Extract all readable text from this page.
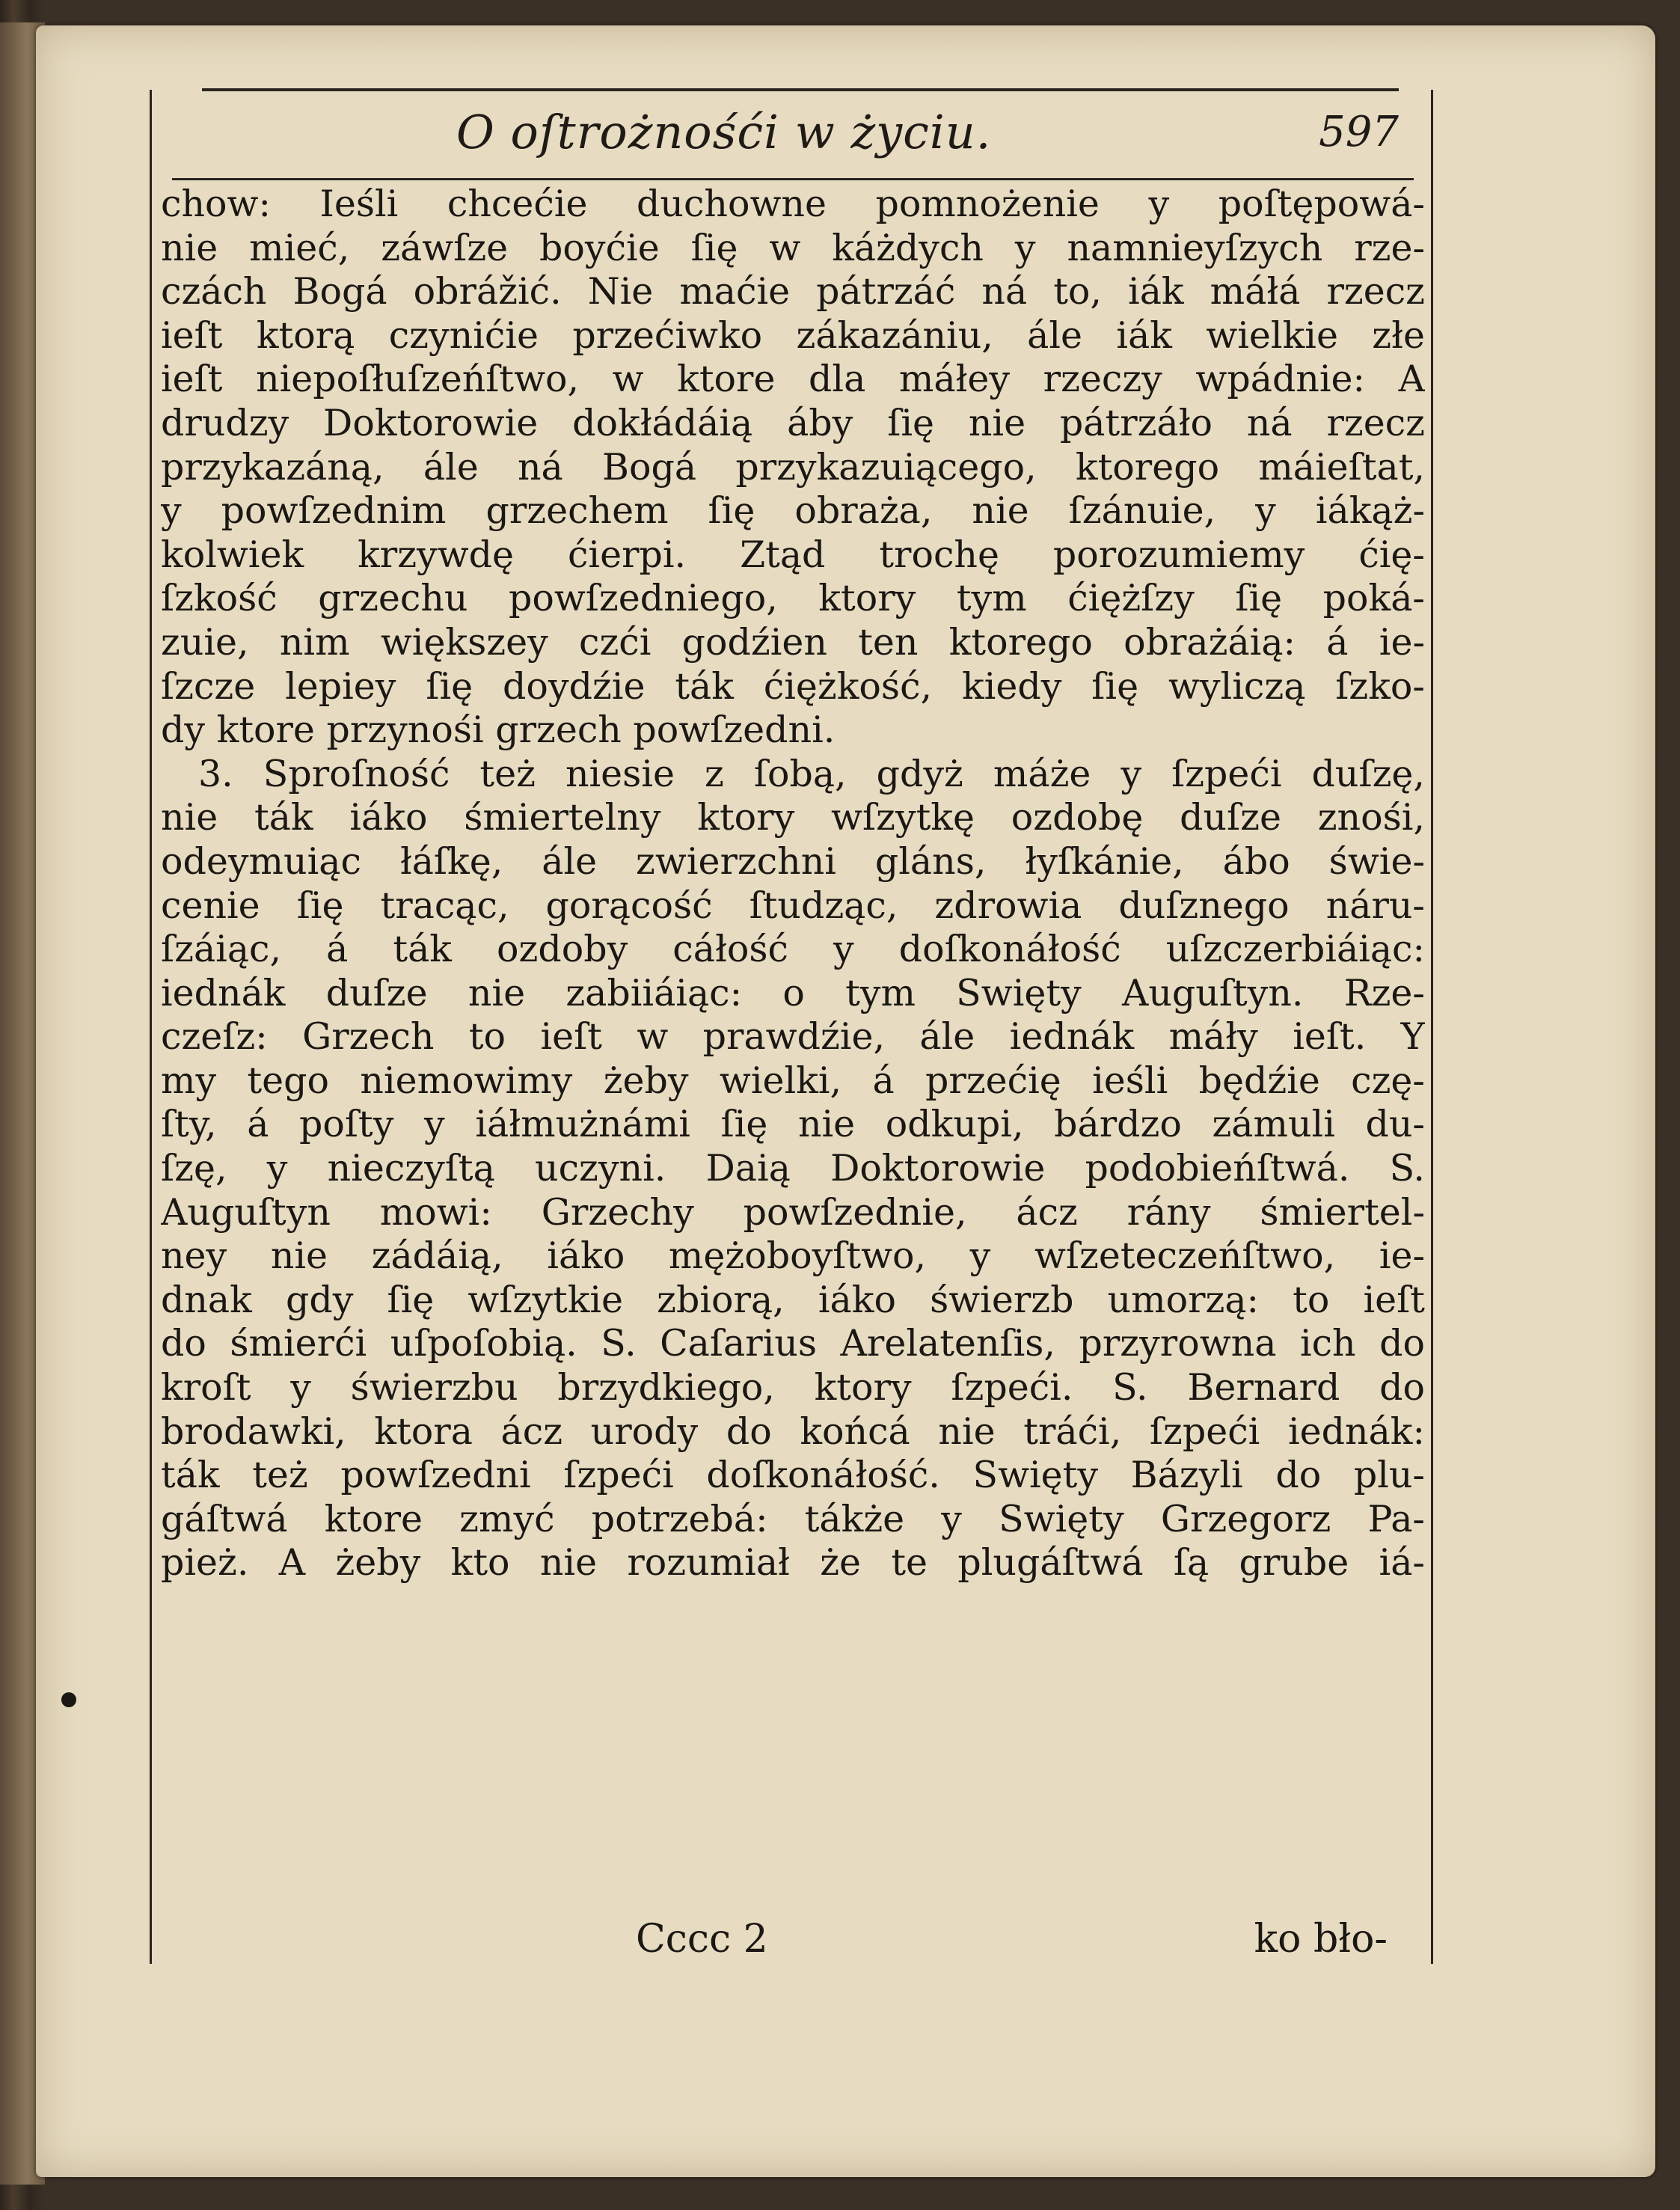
O oſtrożnośći w życiu.	597
chow: Ieśli chcećie duchowne pomnożenie y poſtępowá-
nie mieć, záwſze boyćie ſię w káżdych y namnieyſzych rze-
czách Bogá obrážić. Nie maćie pátrzáć ná to, iák máłá rzecz
ieſt ktorą czynićie przećiwko zákazániu, ále iák wielkie złe
ieſt niepoſłuſzeńſtwo, w ktore dla máłey rzeczy wpádnie: A
drudzy Doktorowie dokłádáią áby ſię nie pátrzáło ná rzecz
przykazáną, ále ná Bogá przykazuiącego, ktorego máieſtat,
y powſzednim grzechem ſię obraża, nie ſzánuie, y iákąż-
kolwiek krzywdę ćierpi. Ztąd trochę porozumiemy ćię-
ſzkość grzechu powſzedniego, ktory tym ćiężſzy ſię poká-
zuie, nim większey czći godźien ten ktorego obrażáią: á ie-
ſzcze lepiey ſię doydźie ták ćiężkość, kiedy ſię wyliczą ſzko-
dy ktore przynośi grzech powſzedni.
3. Sproſność też niesie z ſobą, gdyż máże y ſzpeći duſzę,
nie ták iáko śmiertelny ktory wſzytkę ozdobę duſze znośi,
odeymuiąc łáſkę, ále zwierzchni gláns, łyſkánie, ábo świe-
cenie ſię tracąc, gorącość ſtudząc, zdrowia duſznego náru-
ſzáiąc, á ták ozdoby cáłość y doſkonáłość uſzczerbiáiąc:
iednák duſze nie zabiiáiąc: o tym Swięty Auguſtyn. Rze-
czeſz: Grzech to ieſt w prawdźie, ále iednák máły ieſt. Y
my tego niemowimy żeby wielki, á przećię ieśli będźie czę-
ſty, á poſty y iáłmużnámi ſię nie odkupi, bárdzo zámuli du-
ſzę, y nieczyſtą uczyni. Daią Doktorowie podobieńſtwá. S.
Auguſtyn mowi: Grzechy powſzednie, ácz rány śmiertel-
ney nie zádáią, iáko mężoboyſtwo, y wſzeteczeńſtwo, ie-
dnak gdy ſię wſzytkie zbiorą, iáko świerzb umorzą: to ieſt
do śmierći uſpoſobią. S. Caſarius Arelatenſis, przyrowna ich do
kroſt y świerzbu brzydkiego, ktory ſzpeći. S. Bernard do
brodawki, ktora ácz urody do końcá nie tráći, ſzpeći iednák:
ták też powſzedni ſzpeći doſkonáłość. Swięty Bázyli do plu-
gáſtwá ktore zmyć potrzebá: tákże y Swięty Grzegorz Pa-
pież. A żeby kto nie rozumiał że te plugáſtwá ſą grube iá-
Cccc 2	ko bło-
